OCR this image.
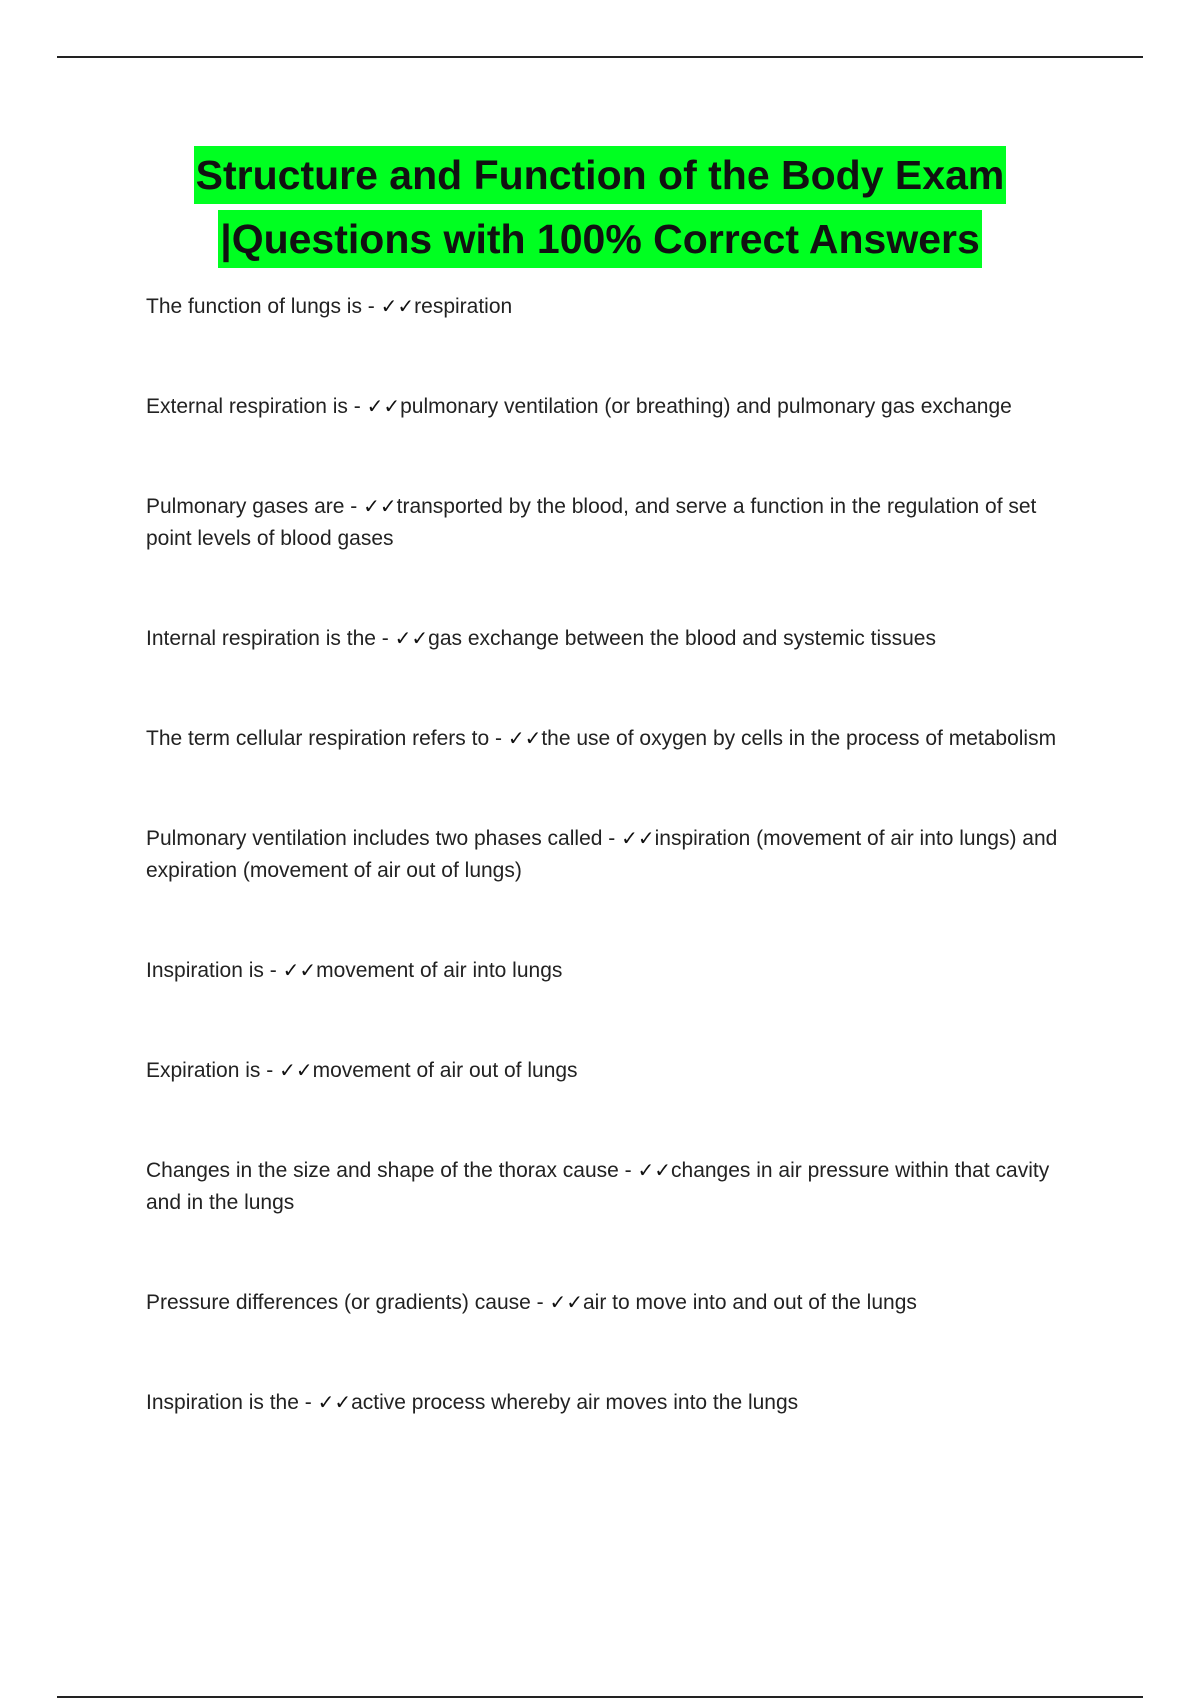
Structure and Function of the Body Exam
|Questions with 100% Correct Answers

The function of lungs is - ✓✓respiration

External respiration is - ✓✓pulmonary ventilation (or breathing) and pulmonary gas exchange

Pulmonary gases are - ✓✓transported by the blood, and serve a function in the regulation of set point levels of blood gases

Internal respiration is the - ✓✓gas exchange between the blood and systemic tissues

The term cellular respiration refers to - ✓✓the use of oxygen by cells in the process of metabolism

Pulmonary ventilation includes two phases called - ✓✓inspiration (movement of air into lungs) and expiration (movement of air out of lungs)

Inspiration is - ✓✓movement of air into lungs

Expiration is - ✓✓movement of air out of lungs

Changes in the size and shape of the thorax cause - ✓✓changes in air pressure within that cavity and in the lungs

Pressure differences (or gradients) cause - ✓✓air to move into and out of the lungs

Inspiration is the - ✓✓active process whereby air moves into the lungs
